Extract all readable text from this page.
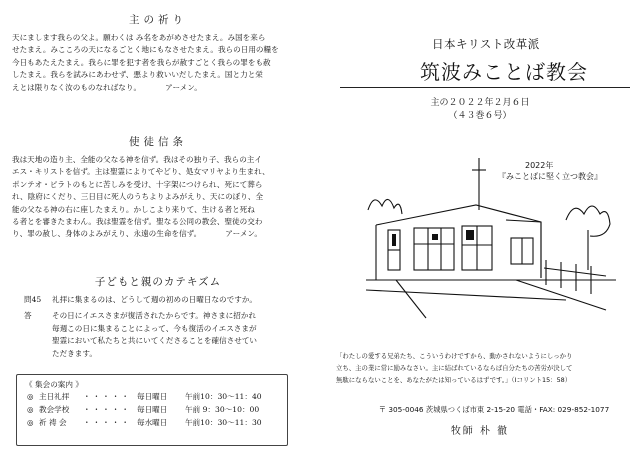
主の祈り

天にまします我らの父よ。願わくは み名をあがめさせたまえ。み国を来ら
せたまえ。みこころの天になるごとく地にもなさせたまえ。我らの日用の糧を
今日もあたえたまえ。我らに罪を犯す者を我らが赦すごとく我らの罪をも赦
したまえ。我らを試みにあわせず、悪より救いいだしたまえ。国と力と栄
えとは限りなく汝のものなればなり。	アーメン。

使徒信条

我は天地の造り主、全能の父なる神を信ず。我はその独り子、我らの主イ
エス・キリストを信ず。主は聖霊によりてやどり、処女マリヤより生まれ、
ポンテオ・ピラトのもとに苦しみを受け、十字架につけられ、死にて葬ら
れ、陰府にくだり、三日目に死人のうちよりよみがえり、天にのぼり、全
能の父なる神の右に座したまえり。かしこより来りて、生ける者と死ね
る者とを審きたまわん。我は聖霊を信ず。聖なる公同の教会、聖徒の交わ
り、罪の赦し、身体のよみがえり、永遠の生命を信ず。	アーメン。

子どもと親のカテキズム
問45	礼拝に集まるのは、どうして週の初めの日曜日なのですか。
答	その日にイエスさまが復活されたからです。神さまに招かれ
毎週この日に集まることによって、今も復活のイエスさまが
聖霊において私たちと共にいてくださることを確信させてい
ただきます。
《 集会の案内 》
◎ 主日礼拝	・・・・・ 毎日曜日	午前10：30〜11：40
◎ 教会学校	・・・・・ 毎日曜日	午前 9：30〜10：00
◎ 祈 祷 会	・・・・・ 毎水曜日	午前10：30〜11：30
日本キリスト改革派
筑波みことば教会
主の２０２２年２月６日
（４３巻６号）
2022年
『みことばに堅く立つ教会』
「わたしの愛する兄弟たち、こういうわけですから、動かされないようにしっかり
立ち、主の業に常に励みなさい。主に結ばれているならば自分たちの苦労が決して
無駄にならないことを、あなたがたは知っているはずです。」（Iコリント15：58）
〒 305-0046 茨城県つくば市東 2-15-20 電話・FAX: 029-852-1077
牧師 朴 徹
